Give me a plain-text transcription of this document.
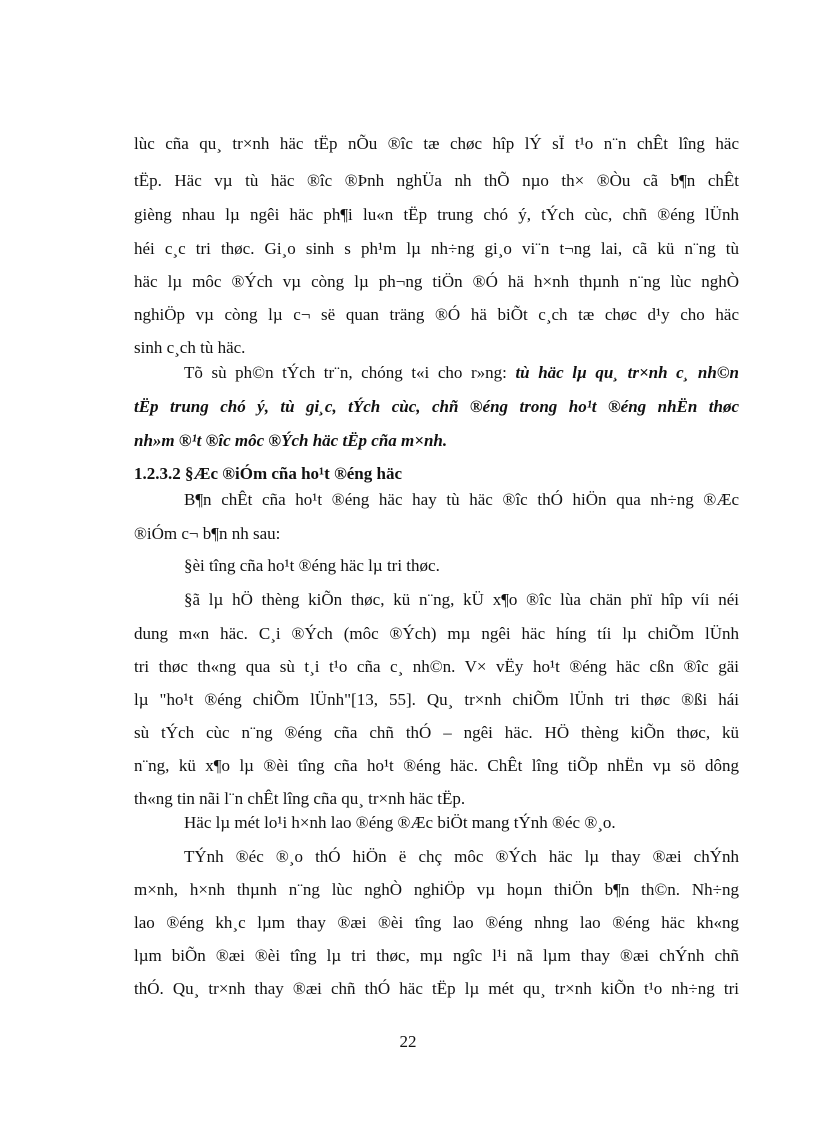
lùc cña qu¸ tr×nh häc tËp nÕu ®îc tæ chøc hîp lÝ sÏ t¹o n¨n chÊt lîng häc
tËp. Häc vµ tù häc ®îc ®Þnh nghÜa nh thÕ nµo th× ®Òu cã b¶n chÊt
gièng nhau lµ ngêi häc ph¶i lu«n tËp trung chó ý, tÝch cùc, chñ ®éng lÜnh
héi c¸c tri thøc. Gi¸o sinh s ph¹m lµ nh÷ng gi¸o vi¨n t¬ng lai, cã kü n¨ng tù
häc lµ môc ®Ých vµ còng lµ ph¬ng tiÖn ®Ó hä h×nh thµnh n¨ng lùc nghÒ
nghiÖp vµ còng lµ c¬ së quan träng ®Ó hä biÕt c¸ch tæ chøc d¹y cho häc
sinh c¸ch tù häc.
Tõ sù ph©n tÝch tr¨n, chóng t«i cho r»ng: tù häc lµ qu¸ tr×nh c¸ nh©n
tËp trung chó ý, tù gi¸c, tÝch cùc, chñ ®éng trong ho¹t ®éng nhËn thøc
nh»m ®¹t ®îc môc ®Ých häc tËp cña m×nh.
1.2.3.2 §Æc ®iÓm cña ho¹t ®éng häc
B¶n chÊt cña ho¹t ®éng häc hay tù häc ®îc thÓ hiÖn qua nh÷ng ®Æc
®iÓm c¬ b¶n nh sau:
§èi tîng cña ho¹t ®éng häc lµ tri thøc.
§ã lµ hÖ thèng kiÕn thøc, kü n¨ng, kÜ x¶o ®îc lùa chän phï hîp víi néi
dung m«n häc. C¸i ®Ých (môc ®Ých) mµ ngêi häc híng tíi lµ chiÕm lÜnh
tri thøc th«ng qua sù t¸i t¹o cña c¸ nh©n. V× vËy ho¹t ®éng häc cßn ®îc gäi
lµ "ho¹t ®éng chiÕm lÜnh"[13, 55]. Qu¸ tr×nh chiÕm lÜnh tri thøc ®ßi hái
sù tÝch cùc n¨ng ®éng cña chñ thÓ – ngêi häc. HÖ thèng kiÕn thøc, kü
n¨ng, kü x¶o lµ ®èi tîng cña ho¹t ®éng häc. ChÊt lîng tiÕp nhËn vµ sö dông
th«ng tin nãi l¨n chÊt lîng cña qu¸ tr×nh häc tËp.
Häc lµ mét lo¹i h×nh lao ®éng ®Æc biÖt mang tÝnh ®éc ®¸o.
TÝnh ®éc ®¸o thÓ hiÖn ë chç môc ®Ých häc lµ thay ®æi chÝnh
m×nh, h×nh thµnh n¨ng lùc nghÒ nghiÖp vµ hoµn thiÖn b¶n th©n. Nh÷ng
lao ®éng kh¸c lµm thay ®æi ®èi tîng lao ®éng nhng lao ®éng häc kh«ng
lµm biÕn ®æi ®èi tîng lµ tri thøc, mµ ngîc l¹i nã lµm thay ®æi chÝnh chñ
thÓ. Qu¸ tr×nh thay ®æi chñ thÓ häc tËp lµ mét qu¸ tr×nh kiÕn t¹o nh÷ng tri
22
